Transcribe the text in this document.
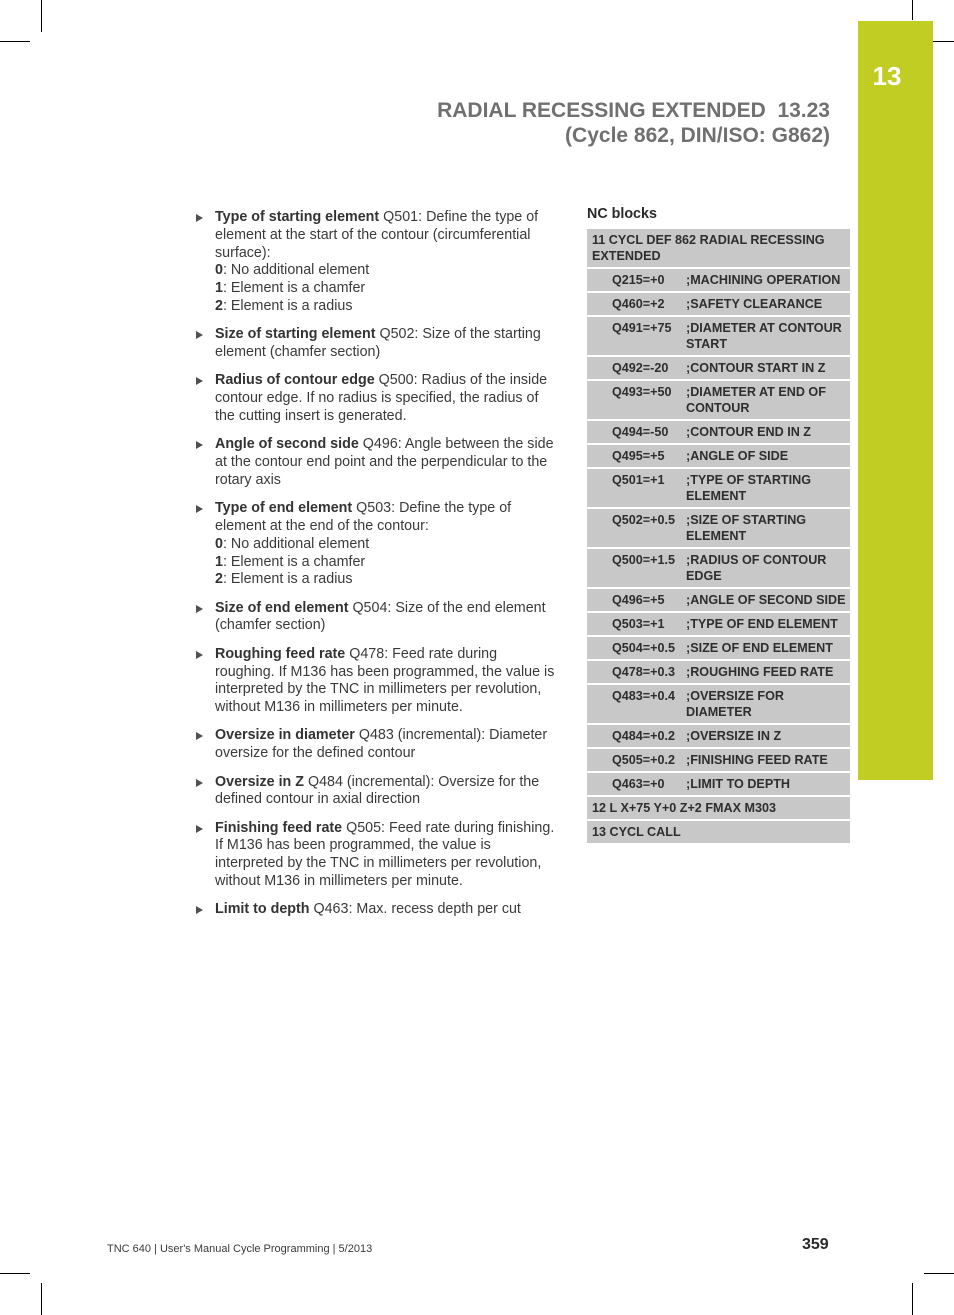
13
RADIAL RECESSING EXTENDED 13.23
(Cycle 862, DIN/ISO: G862)
Type of starting element Q501: Define the type of element at the start of the contour (circumferential surface):
0: No additional element
1: Element is a chamfer
2: Element is a radius
Size of starting element Q502: Size of the starting element (chamfer section)
Radius of contour edge Q500: Radius of the inside contour edge. If no radius is specified, the radius of the cutting insert is generated.
Angle of second side Q496: Angle between the side at the contour end point and the perpendicular to the rotary axis
Type of end element Q503: Define the type of element at the end of the contour:
0: No additional element
1: Element is a chamfer
2: Element is a radius
Size of end element Q504: Size of the end element (chamfer section)
Roughing feed rate Q478: Feed rate during roughing. If M136 has been programmed, the value is interpreted by the TNC in millimeters per revolution, without M136 in millimeters per minute.
Oversize in diameter Q483 (incremental): Diameter oversize for the defined contour
Oversize in Z Q484 (incremental): Oversize for the defined contour in axial direction
Finishing feed rate Q505: Feed rate during finishing. If M136 has been programmed, the value is interpreted by the TNC in millimeters per revolution, without M136 in millimeters per minute.
Limit to depth Q463: Max. recess depth per cut
NC blocks
11 CYCL DEF 862 RADIAL RECESSING EXTENDED
Q215=+0	;MACHINING OPERATION
Q460=+2	;SAFETY CLEARANCE
Q491=+75	;DIAMETER AT CONTOUR START
Q492=-20	;CONTOUR START IN Z
Q493=+50	;DIAMETER AT END OF CONTOUR
Q494=-50	;CONTOUR END IN Z
Q495=+5	;ANGLE OF SIDE
Q501=+1	;TYPE OF STARTING ELEMENT
Q502=+0.5 ;SIZE OF STARTING ELEMENT
Q500=+1.5 ;RADIUS OF CONTOUR EDGE
Q496=+5	;ANGLE OF SECOND SIDE
Q503=+1	;TYPE OF END ELEMENT
Q504=+0.5 ;SIZE OF END ELEMENT
Q478=+0.3 ;ROUGHING FEED RATE
Q483=+0.4 ;OVERSIZE FOR DIAMETER
Q484=+0.2 ;OVERSIZE IN Z
Q505=+0.2 ;FINISHING FEED RATE
Q463=+0	;LIMIT TO DEPTH
12 L X+75 Y+0 Z+2 FMAX M303
13 CYCL CALL
TNC 640 | User's Manual Cycle Programming | 5/2013	359
